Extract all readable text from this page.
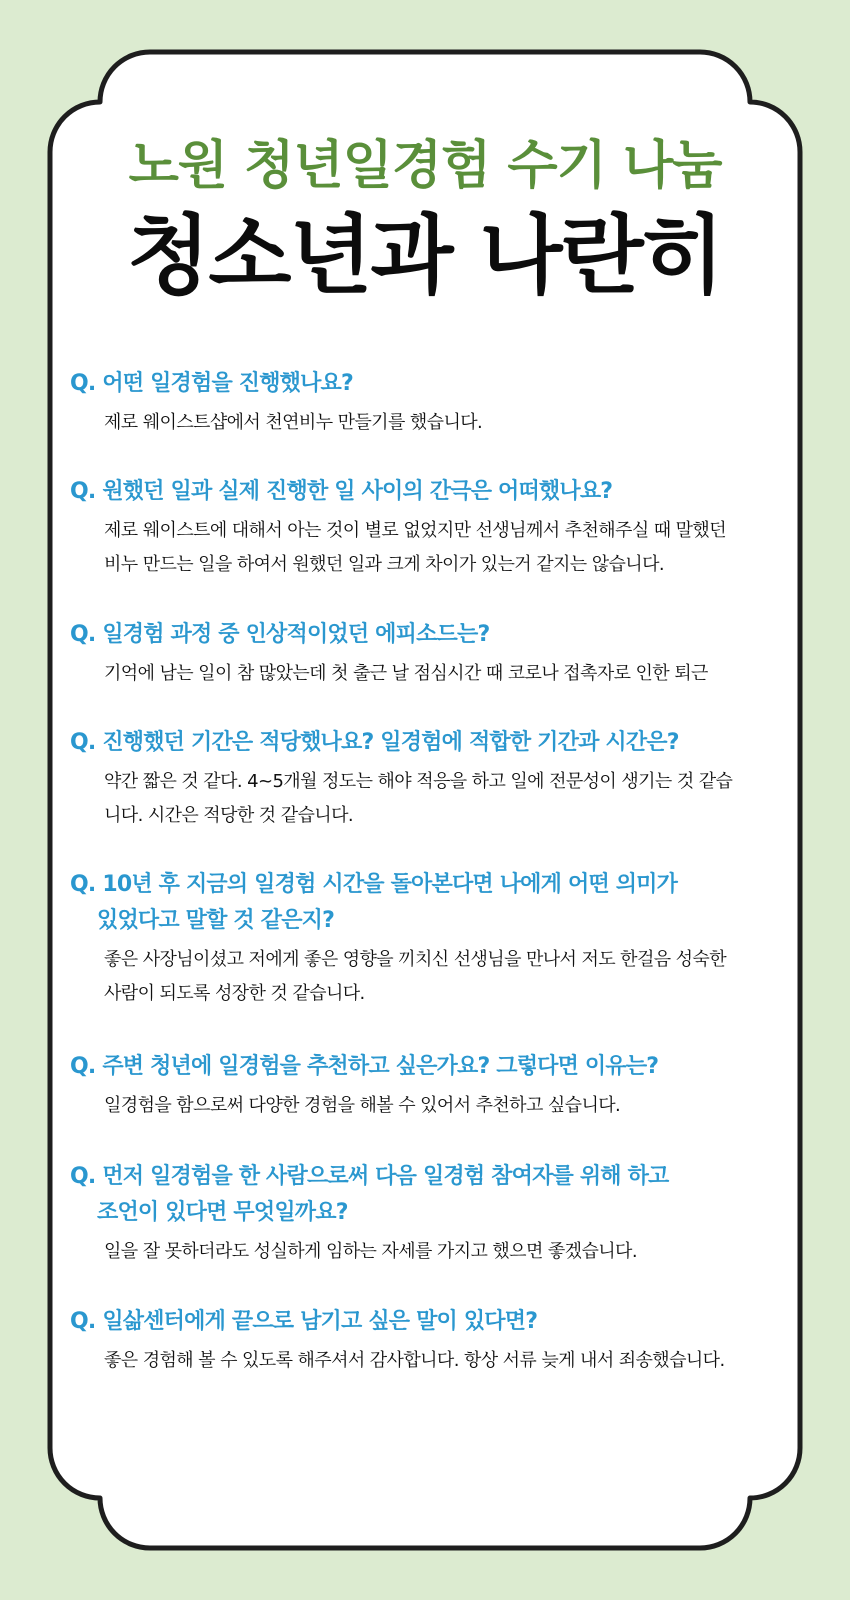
노원 청년일경험 수기 나눔
청소년과 나란히
Q. 어떤 일경험을 진행했나요?
제로 웨이스트샵에서 천연비누 만들기를 했습니다.
Q. 원했던 일과 실제 진행한 일 사이의 간극은 어떠했나요?
제로 웨이스트에 대해서 아는 것이 별로 없었지만 선생님께서 추천해주실 때 말했던
비누 만드는 일을 하여서 원했던 일과 크게 차이가 있는거 같지는 않습니다.
Q. 일경험 과정 중 인상적이었던 에피소드는?
기억에 남는 일이 참 많았는데 첫 출근 날 점심시간 때 코로나 접촉자로 인한 퇴근
Q. 진행했던 기간은 적당했나요? 일경험에 적합한 기간과 시간은?
약간 짧은 것 같다. 4~5개월 정도는 해야 적응을 하고 일에 전문성이 생기는 것 같습
니다. 시간은 적당한 것 같습니다.
Q. 10년 후 지금의 일경험 시간을 돌아본다면 나에게 어떤 의미가
있었다고 말할 것 같은지?
좋은 사장님이셨고 저에게 좋은 영향을 끼치신 선생님을 만나서 저도 한걸음 성숙한
사람이 되도록 성장한 것 같습니다.
Q. 주변 청년에 일경험을 추천하고 싶은가요? 그렇다면 이유는?
일경험을 함으로써 다양한 경험을 해볼 수 있어서 추천하고 싶습니다.
Q. 먼저 일경험을 한 사람으로써 다음 일경험 참여자를 위해 하고
조언이 있다면 무엇일까요?
일을 잘 못하더라도 성실하게 임하는 자세를 가지고 했으면 좋겠습니다.
Q. 일삶센터에게 끝으로 남기고 싶은 말이 있다면?
좋은 경험해 볼 수 있도록 해주셔서 감사합니다. 항상 서류 늦게 내서 죄송했습니다.
